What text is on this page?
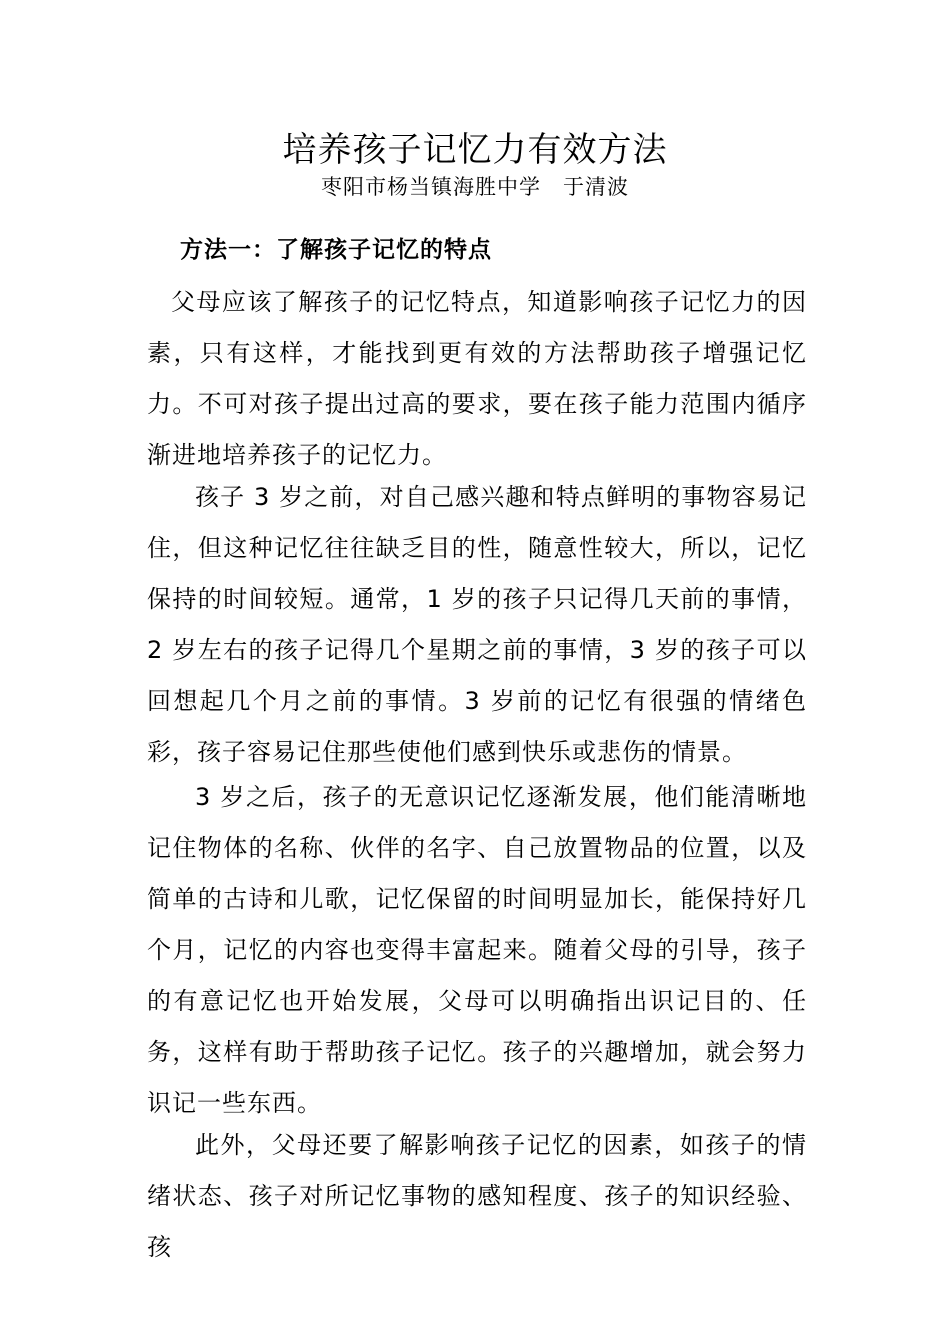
培养孩子记忆力有效方法
枣阳市杨当镇海胜中学　于清波
方法一：了解孩子记忆的特点
父母应该了解孩子的记忆特点，知道影响孩子记忆力的因素，只有这样，才能找到更有效的方法帮助孩子增强记忆力。不可对孩子提出过高的要求，要在孩子能力范围内循序渐进地培养孩子的记忆力。
孩子 3 岁之前，对自己感兴趣和特点鲜明的事物容易记住，但这种记忆往往缺乏目的性，随意性较大，所以，记忆保持的时间较短。通常，1 岁的孩子只记得几天前的事情，2 岁左右的孩子记得几个星期之前的事情，3 岁的孩子可以回想起几个月之前的事情。3 岁前的记忆有很强的情绪色彩，孩子容易记住那些使他们感到快乐或悲伤的情景。
3 岁之后，孩子的无意识记忆逐渐发展，他们能清晰地记住物体的名称、伙伴的名字、自己放置物品的位置，以及简单的古诗和儿歌，记忆保留的时间明显加长，能保持好几个月，记忆的内容也变得丰富起来。随着父母的引导，孩子的有意记忆也开始发展，父母可以明确指出识记目的、任务，这样有助于帮助孩子记忆。孩子的兴趣增加，就会努力识记一些东西。
此外，父母还要了解影响孩子记忆的因素，如孩子的情绪状态、孩子对所记忆事物的感知程度、孩子的知识经验、孩
